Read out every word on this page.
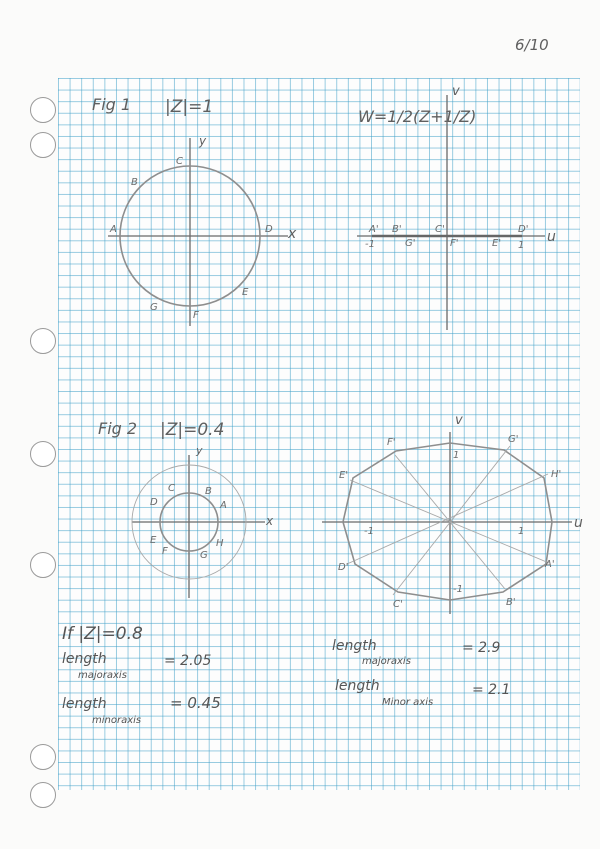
6/10
Fig 1 |Z|=1
y
x
A
B
C
D
E
F
G
W=1/2(Z+1/Z)
v
u
A' B'
G'
C'
F'	E'
D'
-1	1
Fig 2 |Z|=0.4
y
x
A
B
C
D
E
F	G
H
v
u
A'
B'
C'
D'
E'
F'	G'
H'
-1	1
1
-1
If |Z|=0.8
length
majoraxis
= 2.05
length
minoraxis
= 0.45
length
majoraxis
= 2.9
length
Minor axis
= 2.1
